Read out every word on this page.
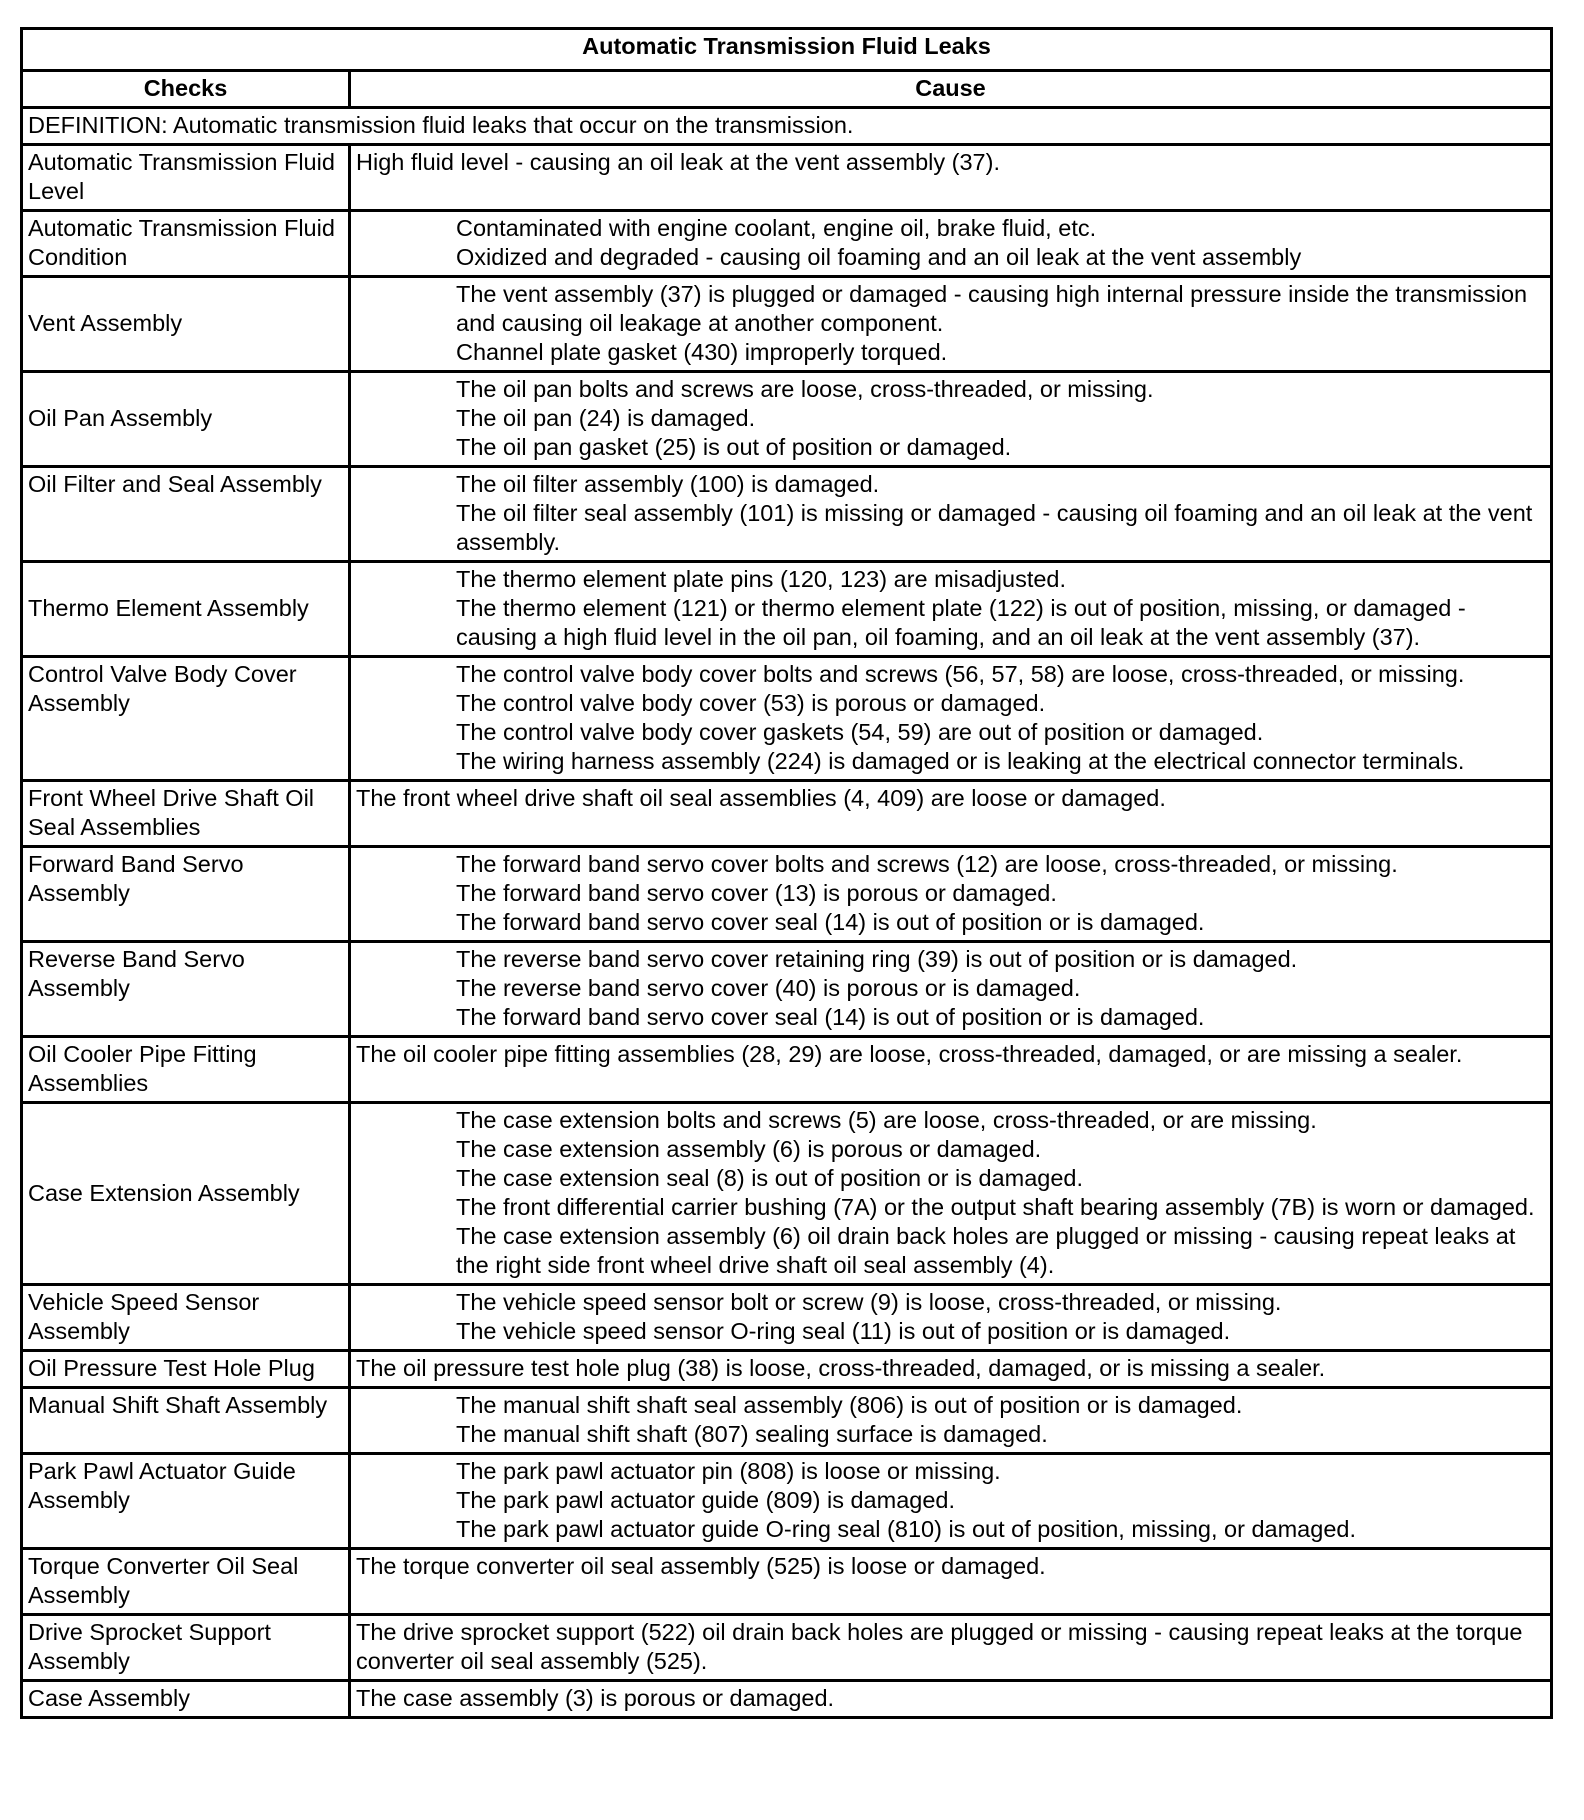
Automatic Transmission Fluid Leaks	
Checks	Cause
DEFINITION: Automatic transmission fluid leaks that occur on the transmission.	
Automatic Transmission Fluid Level	High fluid level - causing an oil leak at the vent assembly (37).

Automatic Transmission Fluid Condition	Contaminated with engine coolant, engine oil, brake fluid, etc.
Oxidized and degraded - causing oil foaming and an oil leak at the vent assembly

Vent Assembly	The vent assembly (37) is plugged or damaged - causing high internal pressure inside the transmission and causing oil leakage at another component.
Channel plate gasket (430) improperly torqued.

Oil Pan Assembly	The oil pan bolts and screws are loose, cross-threaded, or missing.
The oil pan (24) is damaged.
The oil pan gasket (25) is out of position or damaged.

Oil Filter and Seal Assembly	The oil filter assembly (100) is damaged.
The oil filter seal assembly (101) is missing or damaged - causing oil foaming and an oil leak at the vent assembly.

Thermo Element Assembly	The thermo element plate pins (120, 123) are misadjusted.
The thermo element (121) or thermo element plate (122) is out of position, missing, or damaged - causing a high fluid level in the oil pan, oil foaming, and an oil leak at the vent assembly (37).

Control Valve Body Cover Assembly	The control valve body cover bolts and screws (56, 57, 58) are loose, cross-threaded, or missing.
The control valve body cover (53) is porous or damaged.
The control valve body cover gaskets (54, 59) are out of position or damaged.
The wiring harness assembly (224) is damaged or is leaking at the electrical connector terminals.

Front Wheel Drive Shaft Oil Seal Assemblies	The front wheel drive shaft oil seal assemblies (4, 409) are loose or damaged.

Forward Band Servo Assembly	The forward band servo cover bolts and screws (12) are loose, cross-threaded, or missing.
The forward band servo cover (13) is porous or damaged.
The forward band servo cover seal (14) is out of position or is damaged.

Reverse Band Servo Assembly	The reverse band servo cover retaining ring (39) is out of position or is damaged.
The reverse band servo cover (40) is porous or is damaged.
The forward band servo cover seal (14) is out of position or is damaged.

Oil Cooler Pipe Fitting Assemblies	The oil cooler pipe fitting assemblies (28, 29) are loose, cross-threaded, damaged, or are missing a sealer.

Case Extension Assembly	The case extension bolts and screws (5) are loose, cross-threaded, or are missing.
The case extension assembly (6) is porous or damaged.
The case extension seal (8) is out of position or is damaged.
The front differential carrier bushing (7A) or the output shaft bearing assembly (7B) is worn or damaged.
The case extension assembly (6) oil drain back holes are plugged or missing - causing repeat leaks at the right side front wheel drive shaft oil seal assembly (4).

Vehicle Speed Sensor Assembly	The vehicle speed sensor bolt or screw (9) is loose, cross-threaded, or missing.
The vehicle speed sensor O-ring seal (11) is out of position or is damaged.

Oil Pressure Test Hole Plug	The oil pressure test hole plug (38) is loose, cross-threaded, damaged, or is missing a sealer.

Manual Shift Shaft Assembly	The manual shift shaft seal assembly (806) is out of position or is damaged.
The manual shift shaft (807) sealing surface is damaged.

Park Pawl Actuator Guide Assembly	The park pawl actuator pin (808) is loose or missing.
The park pawl actuator guide (809) is damaged.
The park pawl actuator guide O-ring seal (810) is out of position, missing, or damaged.

Torque Converter Oil Seal Assembly	The torque converter oil seal assembly (525) is loose or damaged.

Drive Sprocket Support Assembly	The drive sprocket support (522) oil drain back holes are plugged or missing - causing repeat leaks at the torque converter oil seal assembly (525).

Case Assembly	The case assembly (3) is porous or damaged.
